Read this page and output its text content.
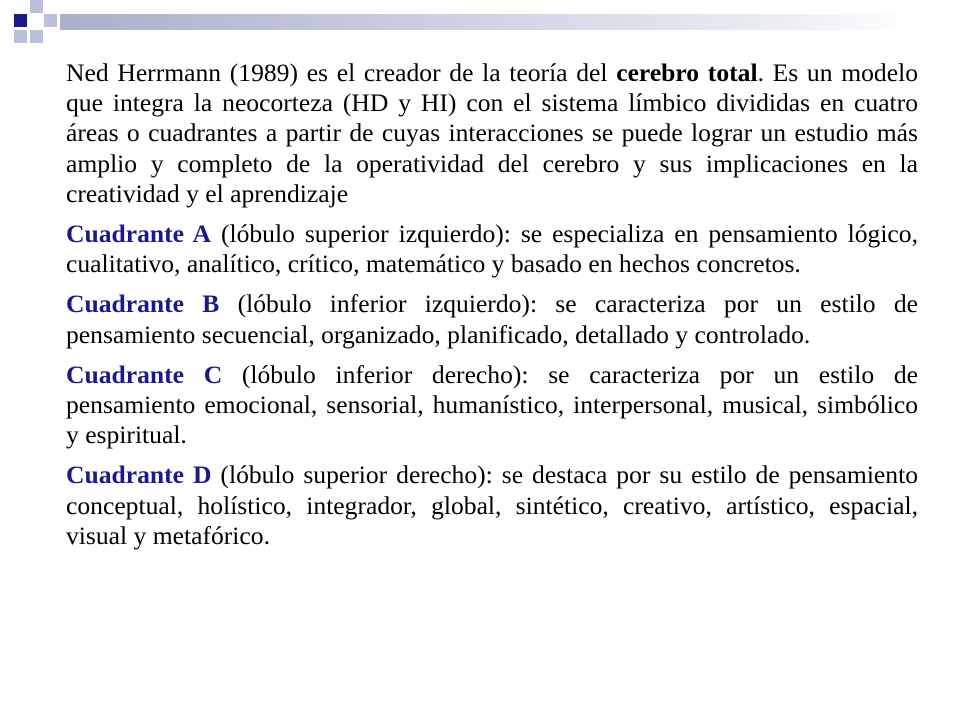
Ned Herrmann (1989) es el creador de la teoría del cerebro total. Es un modelo que integra la neocorteza (HD y HI) con el sistema límbico divididas en cuatro áreas o cuadrantes a partir de cuyas interacciones se puede lograr un estudio más amplio y completo de la operatividad del cerebro y sus implicaciones en la creatividad y el aprendizaje

Cuadrante A (lóbulo superior izquierdo): se especializa en pensamiento lógico, cualitativo, analítico, crítico, matemático y basado en hechos concretos.

Cuadrante B (lóbulo inferior izquierdo): se caracteriza por un estilo de pensamiento secuencial, organizado, planificado, detallado y controlado.

Cuadrante C (lóbulo inferior derecho): se caracteriza por un estilo de pensamiento emocional, sensorial, humanístico, interpersonal, musical, simbólico y espiritual.

Cuadrante D (lóbulo superior derecho): se destaca por su estilo de pensamiento conceptual, holístico, integrador, global, sintético, creativo, artístico, espacial, visual y metafórico.
